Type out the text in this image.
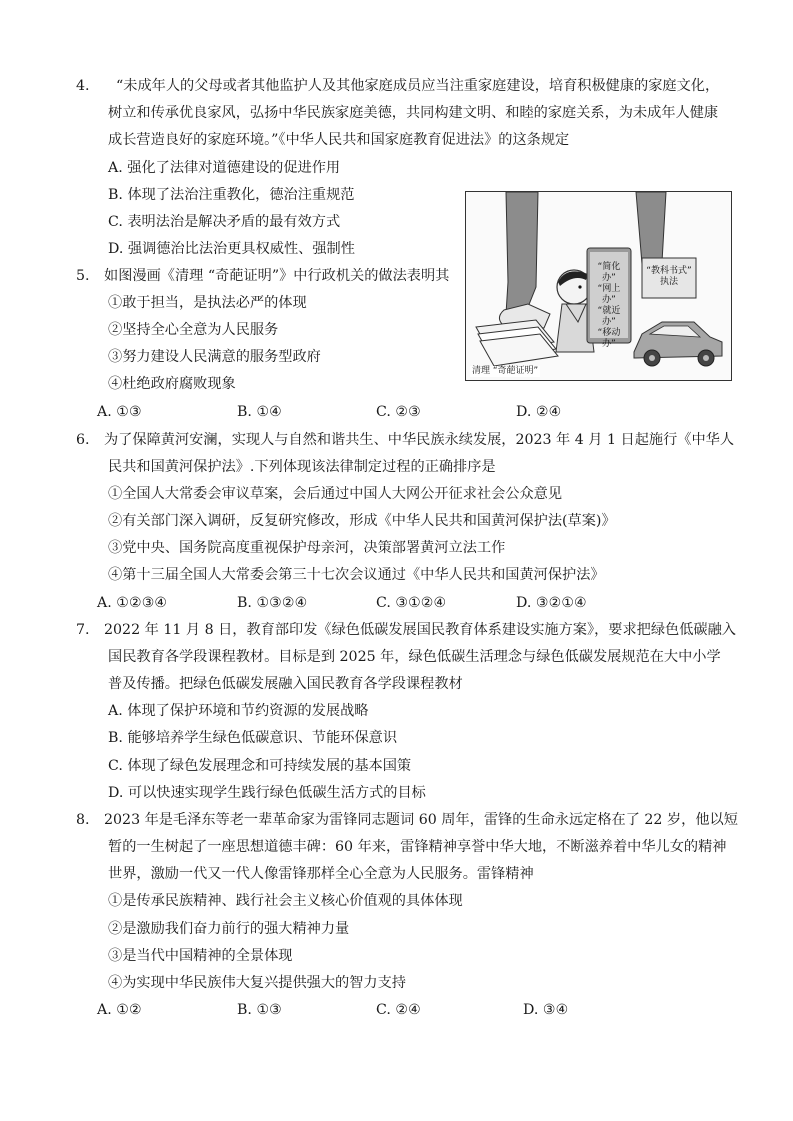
4. “未成年人的父母或者其他监护人及其他家庭成员应当注重家庭建设，培育积极健康的家庭文化，
树立和传承优良家风，弘扬中华民族家庭美德，共同构建文明、和睦的家庭关系，为未成年人健康
成长营造良好的家庭环境。”《中华人民共和国家庭教育促进法》的这条规定
A. 强化了法律对道德建设的促进作用
B. 体现了法治注重教化，德治注重规范
C. 表明法治是解决矛盾的最有效方式
D. 强调德治比法治更具权威性、强制性
5. 如图漫画《清理 “奇葩证明”》中行政机关的做法表明其
①敢于担当，是执法必严的体现
②坚持全心全意为人民服务
③努力建设人民满意的服务型政府
④杜绝政府腐败现象
A. ①③	B. ①④	C. ②③	D. ②④
“简化办”
“网上办”
“就近办”
“移动办”
“教科书式”
执法
清理 “奇葩证明”
6. 为了保障黄河安澜，实现人与自然和谐共生、中华民族永续发展，2023 年 4 月 1 日起施行《中华人
民共和国黄河保护法》.下列体现该法律制定过程的正确排序是
①全国人大常委会审议草案，会后通过中国人大网公开征求社会公众意见
②有关部门深入调研，反复研究修改，形成《中华人民共和国黄河保护法(草案)》
③党中央、国务院高度重视保护母亲河，决策部署黄河立法工作
④第十三届全国人大常委会第三十七次会议通过《中华人民共和国黄河保护法》
A. ①②③④	B. ①③②④	C. ③①②④	D. ③②①④
7. 2022 年 11 月 8 日，教育部印发《绿色低碳发展国民教育体系建设实施方案》，要求把绿色低碳融入
国民教育各学段课程教材。目标是到 2025 年，绿色低碳生活理念与绿色低碳发展规范在大中小学
普及传播。把绿色低碳发展融入国民教育各学段课程教材
A. 体现了保护环境和节约资源的发展战略
B. 能够培养学生绿色低碳意识、节能环保意识
C. 体现了绿色发展理念和可持续发展的基本国策
D. 可以快速实现学生践行绿色低碳生活方式的目标
8. 2023 年是毛泽东等老一辈革命家为雷锋同志题词 60 周年，雷锋的生命永远定格在了 22 岁，他以短
暂的一生树起了一座思想道德丰碑：60 年来，雷锋精神享誉中华大地，不断滋养着中华儿女的精神
世界，激励一代又一代人像雷锋那样全心全意为人民服务。雷锋精神
①是传承民族精神、践行社会主义核心价值观的具体体现
②是激励我们奋力前行的强大精神力量
③是当代中国精神的全景体现
④为实现中华民族伟大复兴提供强大的智力支持
A. ①②	B. ①③	C. ②④	D. ③④
